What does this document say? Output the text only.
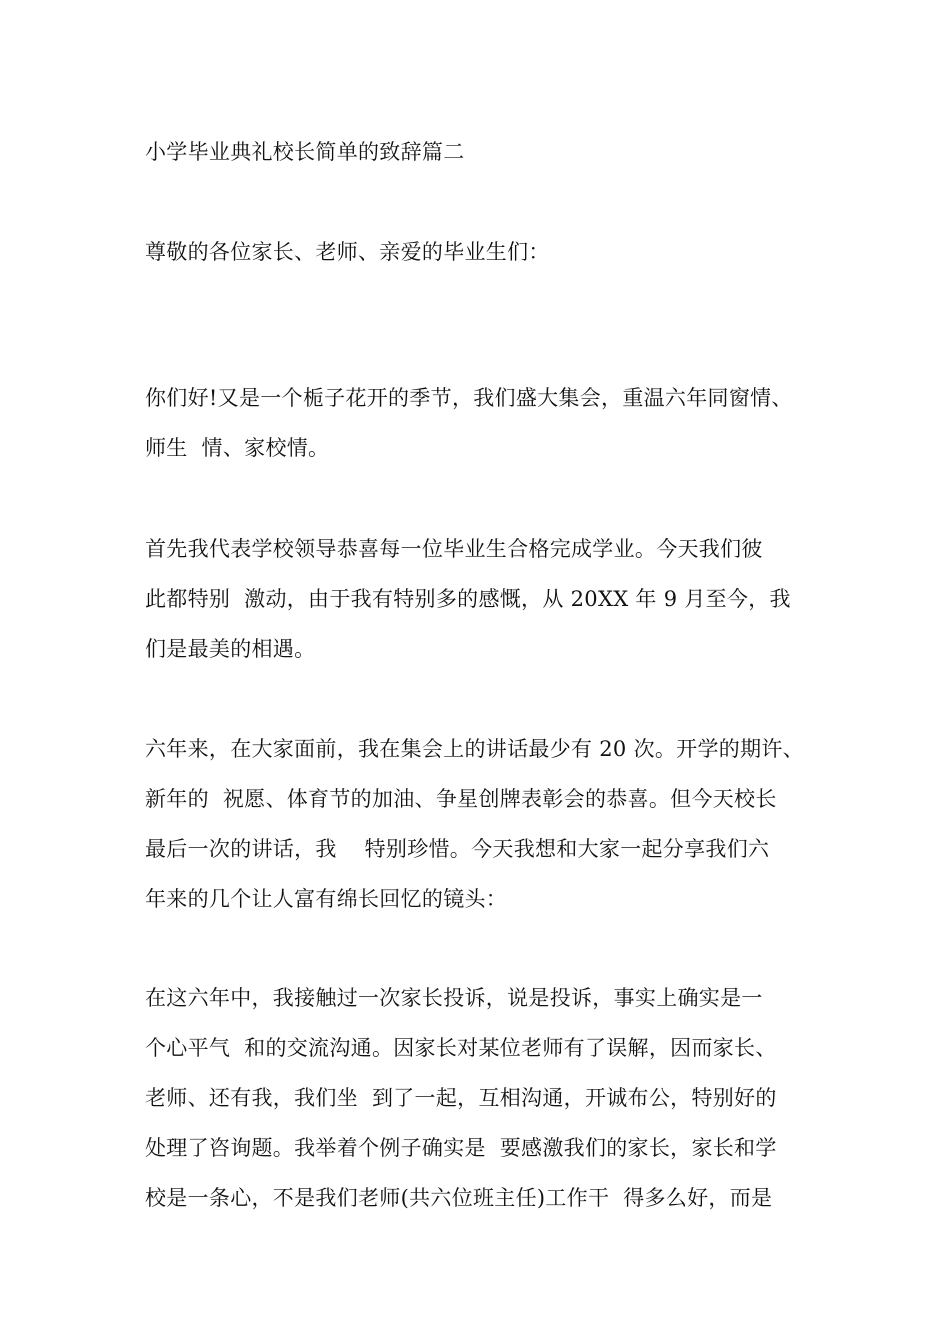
小学毕业典礼校长简单的致辞篇二
尊敬的各位家长、老师、亲爱的毕业生们：
你们好!又是一个栀子花开的季节，我们盛大集会，重温六年同窗情、
师生  情、家校情。
首先我代表学校领导恭喜每一位毕业生合格完成学业。今天我们彼
此都特别  激动，由于我有特别多的感慨，从 20XX 年 9 月至今，我
们是最美的相遇。
六年来，在大家面前，我在集会上的讲话最少有 20 次。开学的期许、
新年的  祝愿、体育节的加油、争星创牌表彰会的恭喜。但今天校长
最后一次的讲话，我    特别珍惜。今天我想和大家一起分享我们六
年来的几个让人富有绵长回忆的镜头：
在这六年中，我接触过一次家长投诉，说是投诉，事实上确实是一
个心平气  和的交流沟通。因家长对某位老师有了误解，因而家长、
老师、还有我，我们坐  到了一起，互相沟通，开诚布公，特别好的
处理了咨询题。我举着个例子确实是  要感激我们的家长，家长和学
校是一条心，不是我们老师(共六位班主任)工作干  得多么好，而是
